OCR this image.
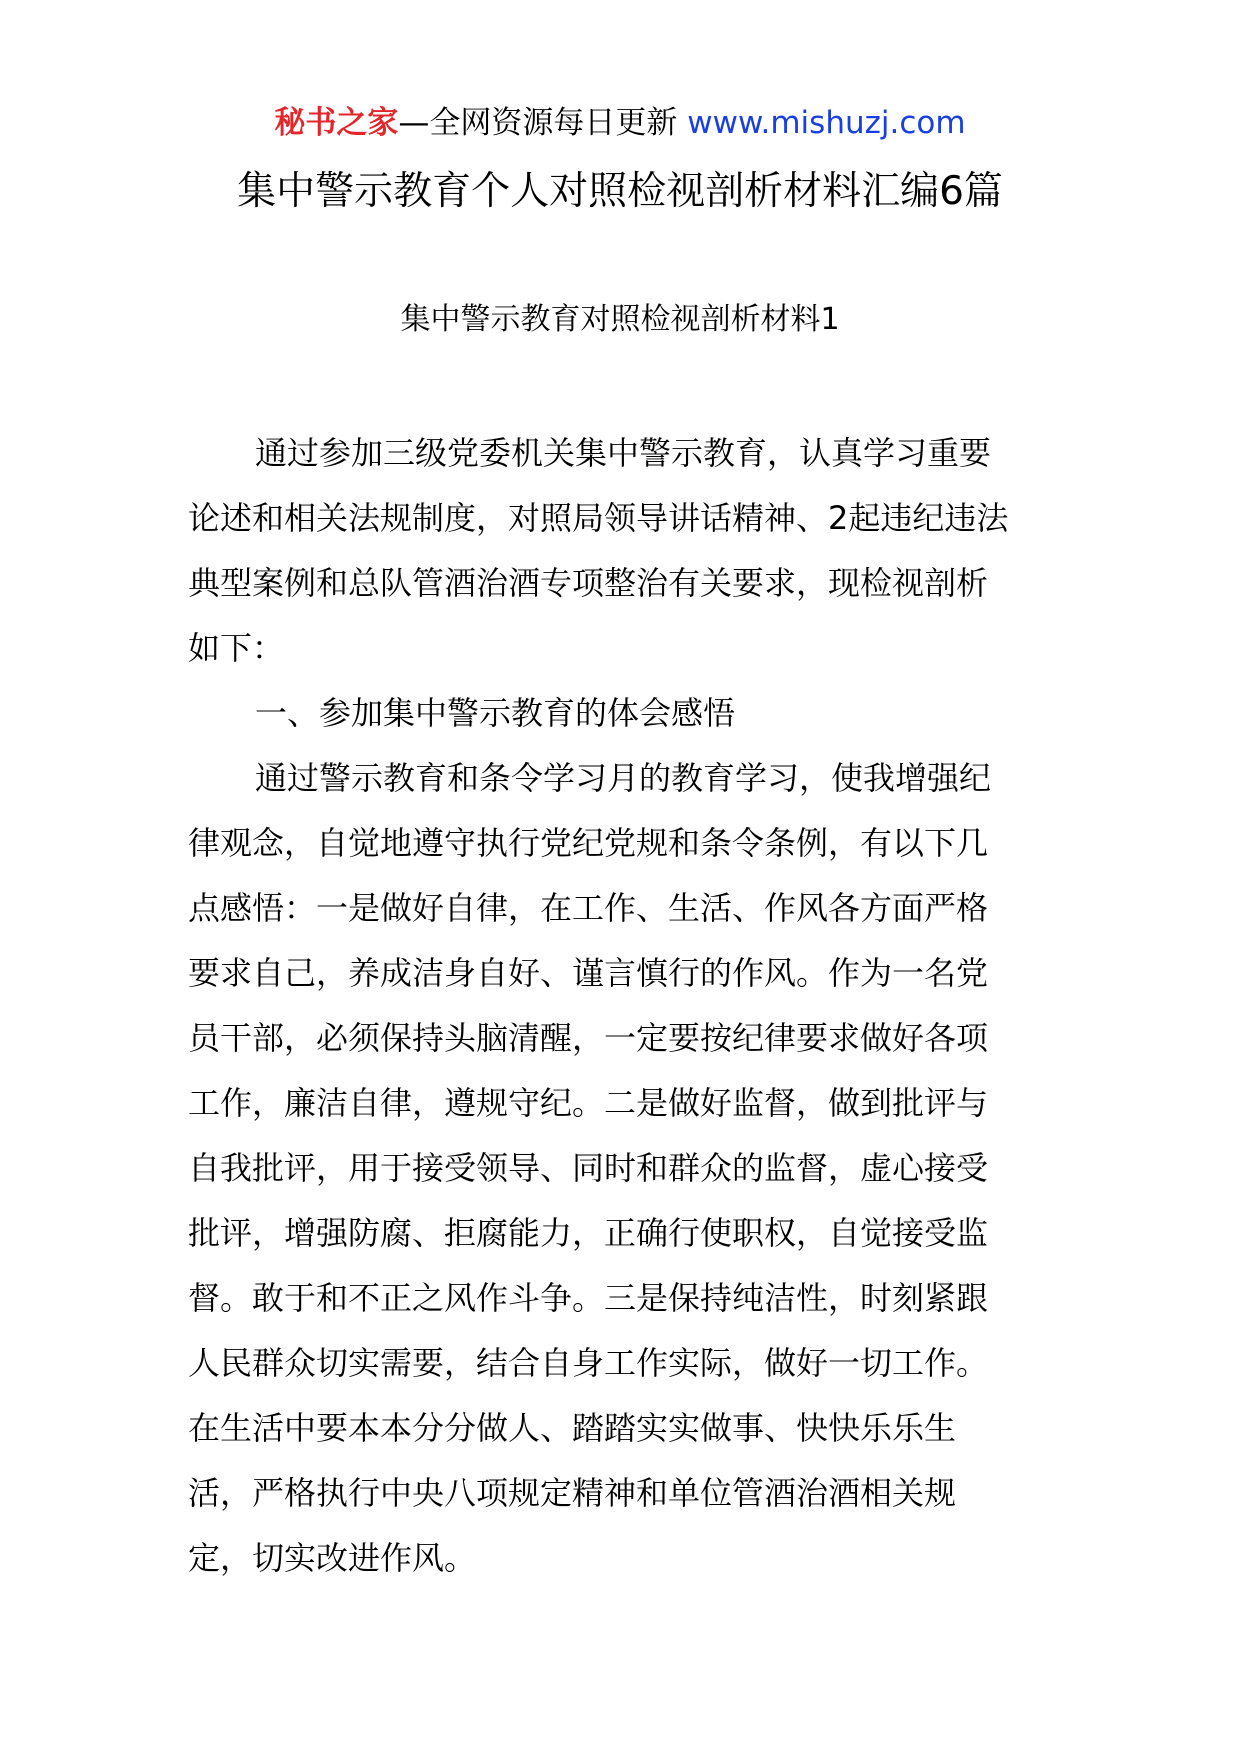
秘书之家—全网资源每日更新 www.mishuzj.com
集中警示教育个人对照检视剖析材料汇编6篇
集中警示教育对照检视剖析材料1
通过参加三级党委机关集中警示教育，认真学习重要
论述和相关法规制度，对照局领导讲话精神、2起违纪违法
典型案例和总队管酒治酒专项整治有关要求，现检视剖析
如下：
一、参加集中警示教育的体会感悟
通过警示教育和条令学习月的教育学习，使我增强纪
律观念，自觉地遵守执行党纪党规和条令条例，有以下几
点感悟：一是做好自律，在工作、生活、作风各方面严格
要求自己，养成洁身自好、谨言慎行的作风。作为一名党
员干部，必须保持头脑清醒，一定要按纪律要求做好各项
工作，廉洁自律，遵规守纪。二是做好监督，做到批评与
自我批评，用于接受领导、同时和群众的监督，虚心接受
批评，增强防腐、拒腐能力，正确行使职权，自觉接受监
督。敢于和不正之风作斗争。三是保持纯洁性，时刻紧跟
人民群众切实需要，结合自身工作实际，做好一切工作。
在生活中要本本分分做人、踏踏实实做事、快快乐乐生
活，严格执行中央八项规定精神和单位管酒治酒相关规
定，切实改进作风。
